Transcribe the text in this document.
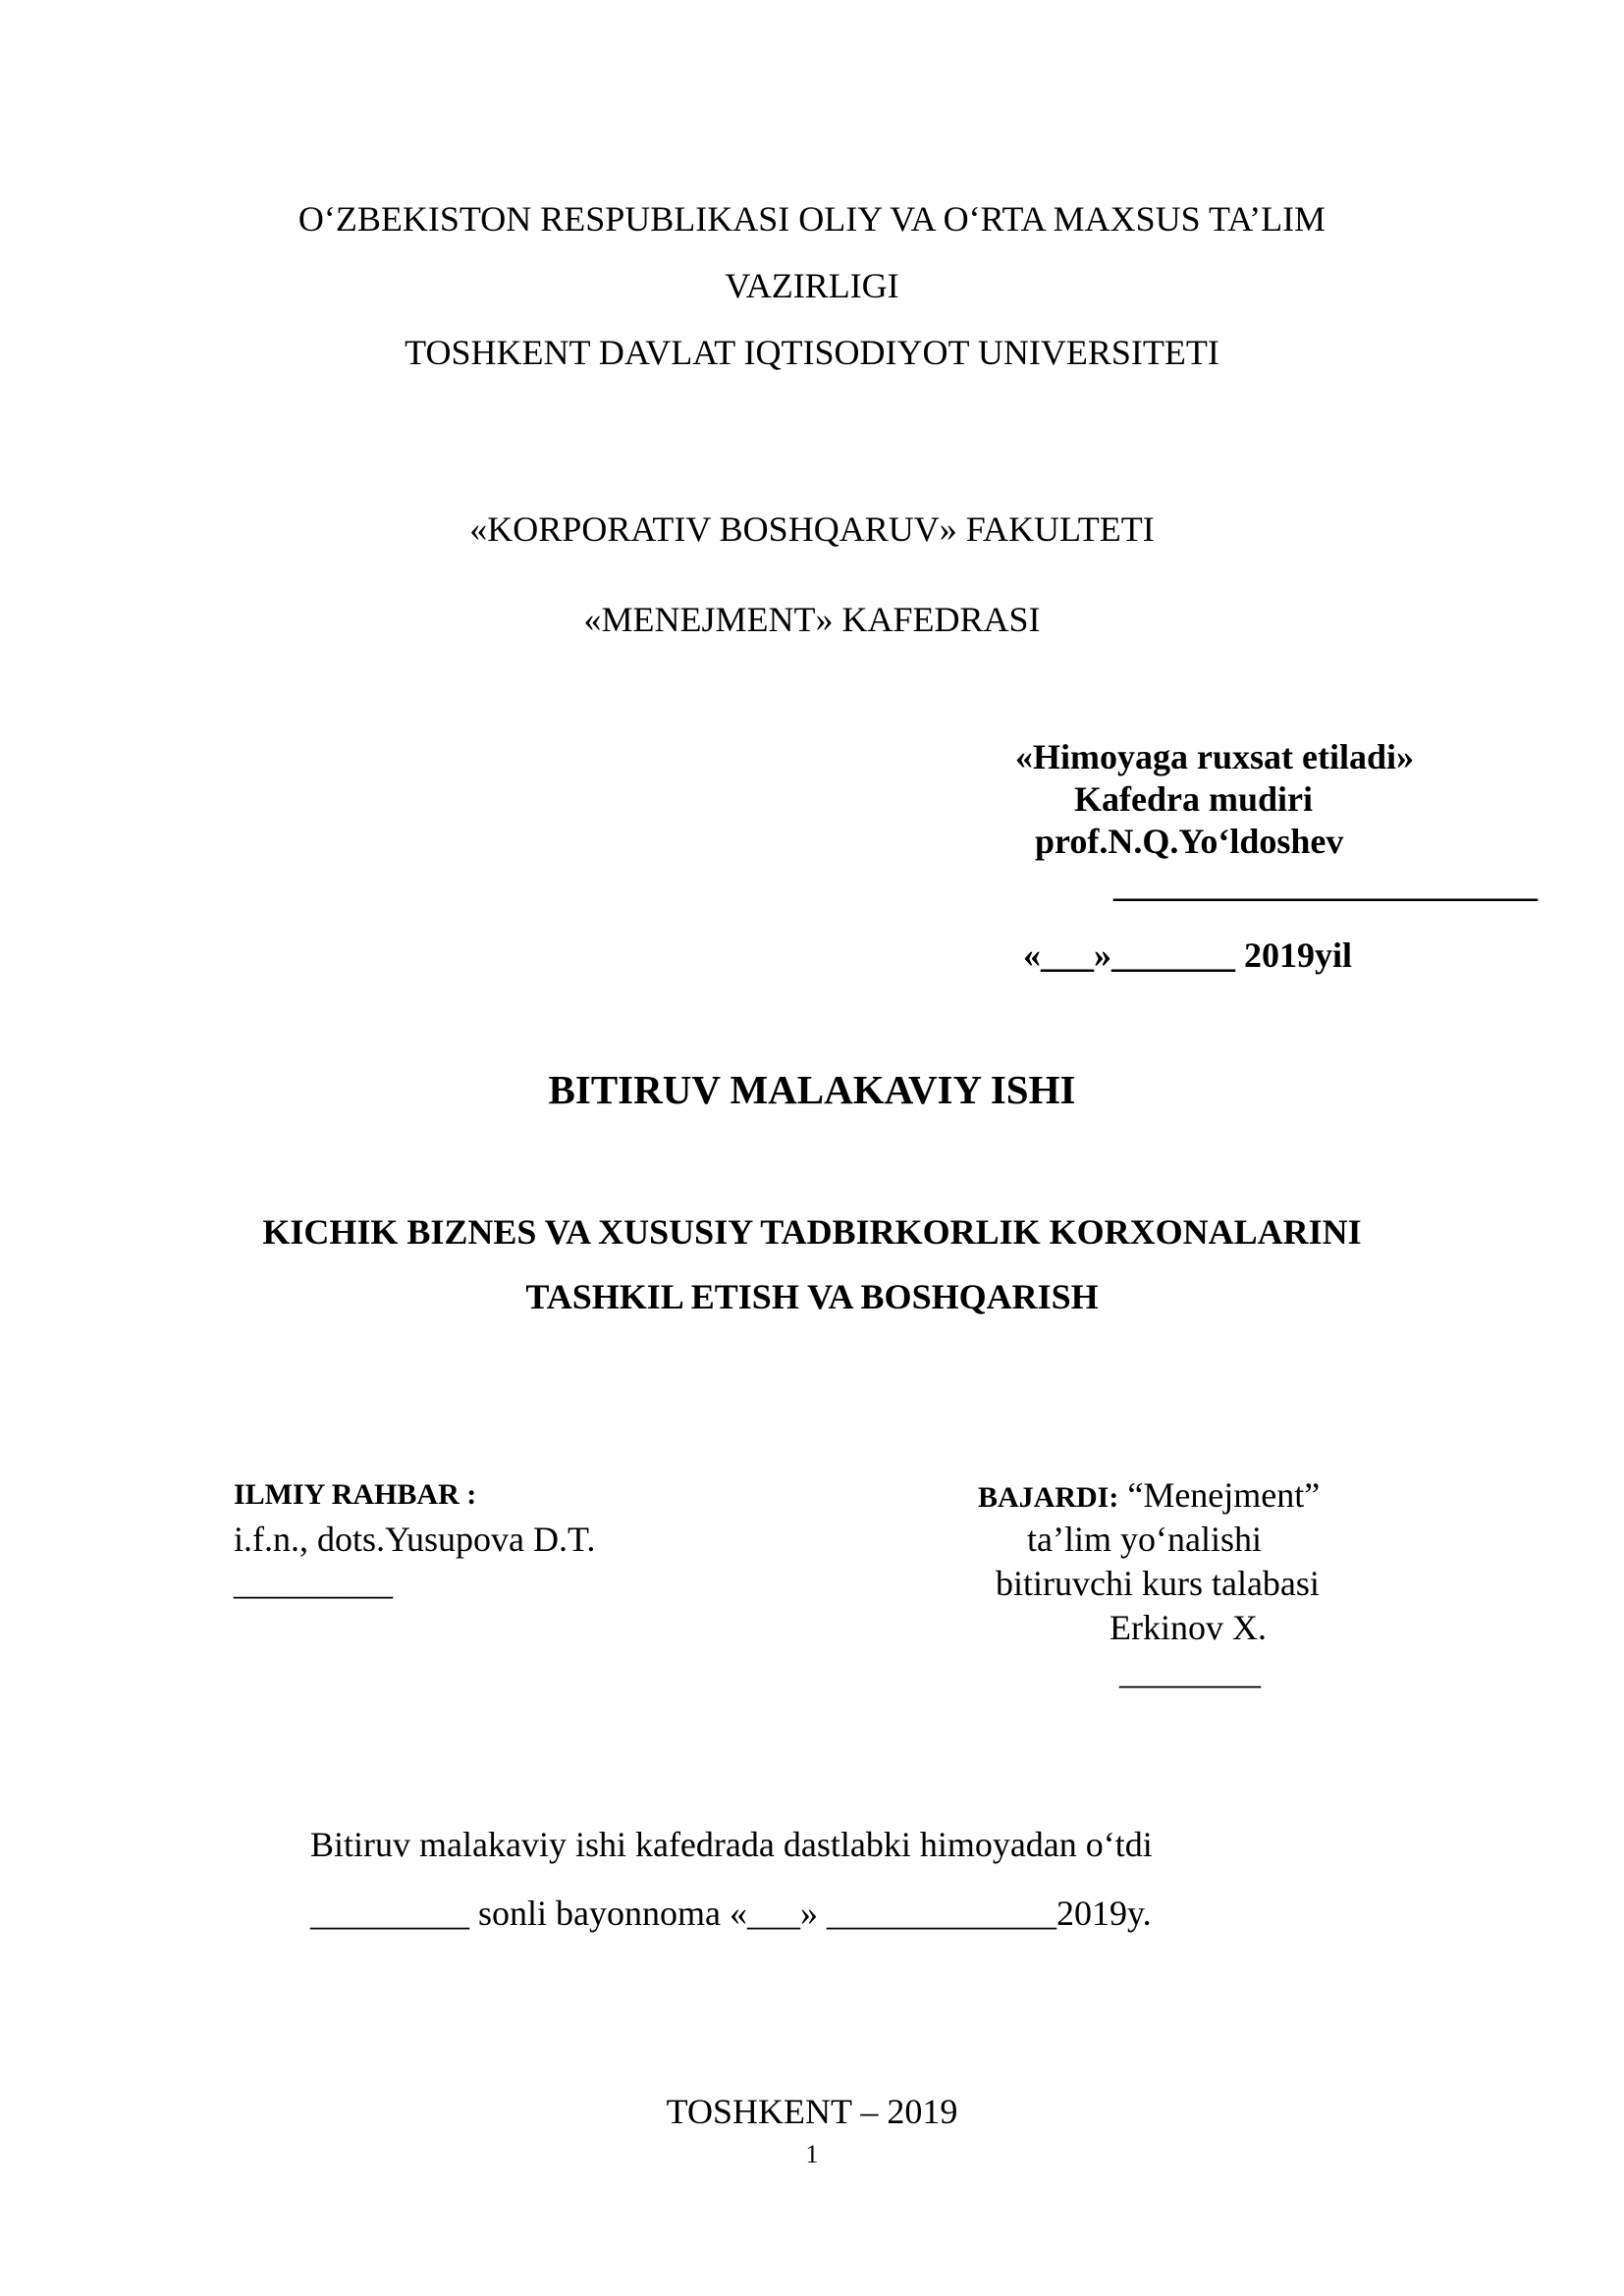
O‘ZBEKISTON RESPUBLIKASI OLIY VA O‘RTA MAXSUS TA’LIM
VAZIRLIGI
TOSHKENT DAVLAT IQTISODIYOT UNIVERSITETI
«KORPORATIV BOSHQARUV» FAKULTETI
«MENEJMENT» KAFEDRASI
«Himoyaga ruxsat etiladi»
Kafedra mudiri
prof.N.Q.Yo‘ldoshev
________________________
«___»_______ 2019yil
BITIRUV MALAKAVIY ISHI
KICHIK BIZNES VA XUSUSIY TADBIRKORLIK KORXONALARINI
TASHKIL ETISH VA BOSHQARISH
ILMIY RAHBAR :
i.f.n., dots.Yusupova D.T.
_________
BAJARDI: “Menejment”
ta’lim yo‘nalishi
bitiruvchi kurs talabasi
Erkinov X.
________
Bitiruv malakaviy ishi kafedrada dastlabki himoyadan o‘tdi
_________ sonli bayonnoma «___» _____________2019y.
TOSHKENT – 2019
1
